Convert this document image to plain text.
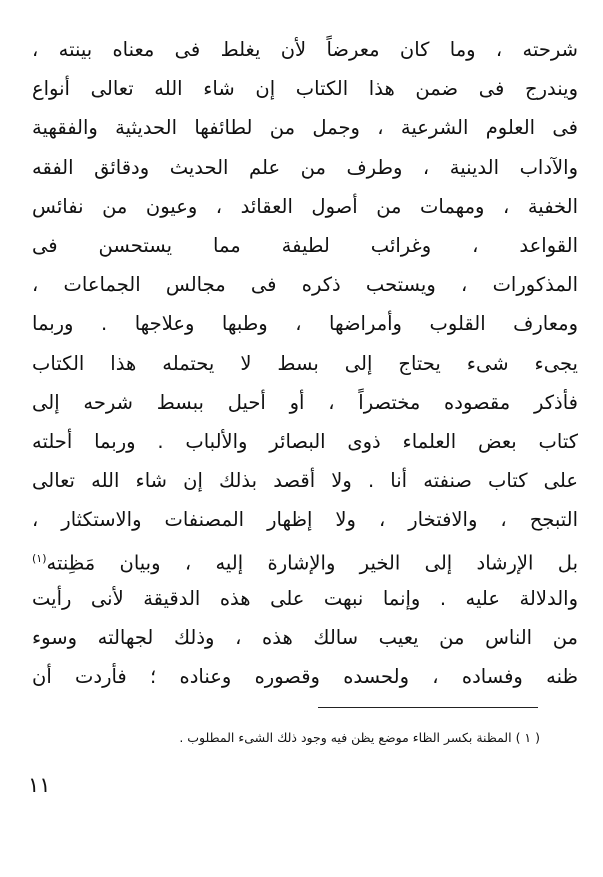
شرحته ، وما كان معرضاً لأن يغلط فى معناه بينته ،
ويندرج فى ضمن هذا الكتاب إن شاء الله تعالى أنواع
فى العلوم الشرعية ، وجمل من لطائفها الحديثية والفقهية
والآداب الدينية ، وطرف من علم الحديث ودقائق الفقه
الخفية ، ومهمات من أصول العقائد ، وعيون من نفائس
القواعد ، وغرائب لطيفة مما يستحسن فى
المذكورات ، ويستحب ذكره فى مجالس الجماعات ،
ومعارف القلوب وأمراضها ، وطبها وعلاجها . وربما
يجىء شىء يحتاج إلى بسط لا يحتمله هذا الكتاب
فأذكر مقصوده مختصراً ، أو أحيل ببسط شرحه إلى
كتاب بعض العلماء ذوى البصائر والألباب . وربما أحلته
على كتاب صنفته أنا . ولا أقصد بذلك إن شاء الله تعالى
التبجح ، والافتخار ، ولا إظهار المصنفات والاستكثار ،
بل الإرشاد إلى الخير والإشارة إليه ، وبيان مَظِنته$^{(١)}$
والدلالة عليه . وإنما نبهت على هذه الدقيقة لأنى رأيت
من الناس من يعيب سالك هذه ، وذلك لجهالته وسوء
ظنه وفساده ، ولحسده وقصوره وعناده ؛ فأردت أن
( ١ ) المظنة بكسر الظاء موضع يظن فيه وجود ذلك الشىء المطلوب .
١١
